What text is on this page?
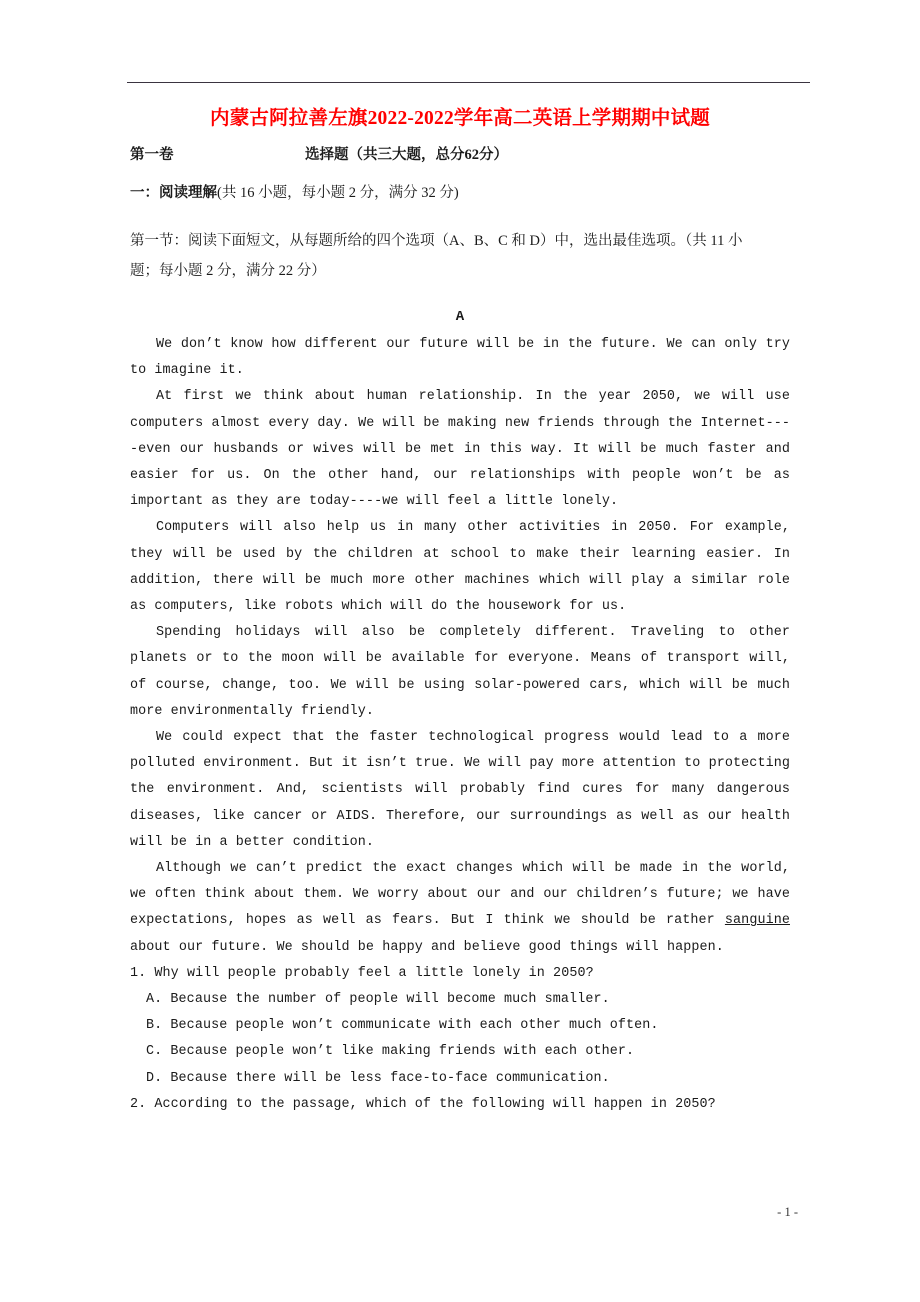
内蒙古阿拉善左旗2022-2022学年高二英语上学期期中试题
第一卷	选择题（共三大题，总分62分）

一：阅读理解(共 16 小题，每小题 2 分，满分 32 分)

第一节：阅读下面短文，从每题所给的四个选项（A、B、C 和 D）中，选出最佳选项。（共 11 小

题；每小题 2 分，满分 22 分）

A

We don’t know how different our future will be in the future. We can only try to imagine it.

At first we think about human relationship. In the year 2050, we will use computers almost every day. We will be making new friends through the Internet----even our husbands or wives will be met in this way. It will be much faster and easier for us. On the other hand, our relationships with people won’t be as important as they are today----we will feel a little lonely.

Computers will also help us in many other activities in 2050. For example, they will be used by the children at school to make their learning easier. In addition, there will be much more other machines which will play a similar role as computers, like robots which will do the housework for us.

Spending holidays will also be completely different. Traveling to other planets or to the moon will be available for everyone. Means of transport will, of course, change, too. We will be using solar-powered cars, which will be much more environmentally friendly.

We could expect that the faster technological progress would lead to a more polluted environment. But it isn’t true. We will pay more attention to protecting the environment. And, scientists will probably find cures for many dangerous diseases, like cancer or AIDS. Therefore, our surroundings as well as our health will be in a better condition.

Although we can’t predict the exact changes which will be made in the world, we often think about them. We worry about our and our children’s future; we have expectations, hopes as well as fears. But I think we should be rather sanguine about our future. We should be happy and believe good things will happen.

1. Why will people probably feel a little lonely in 2050?

A. Because the number of people will become much smaller.

B. Because people won’t communicate with each other much often.

C. Because people won’t like making friends with each other.

D. Because there will be less face-to-face communication.

2. According to the passage, which of the following will happen in 2050?

- 1 -
